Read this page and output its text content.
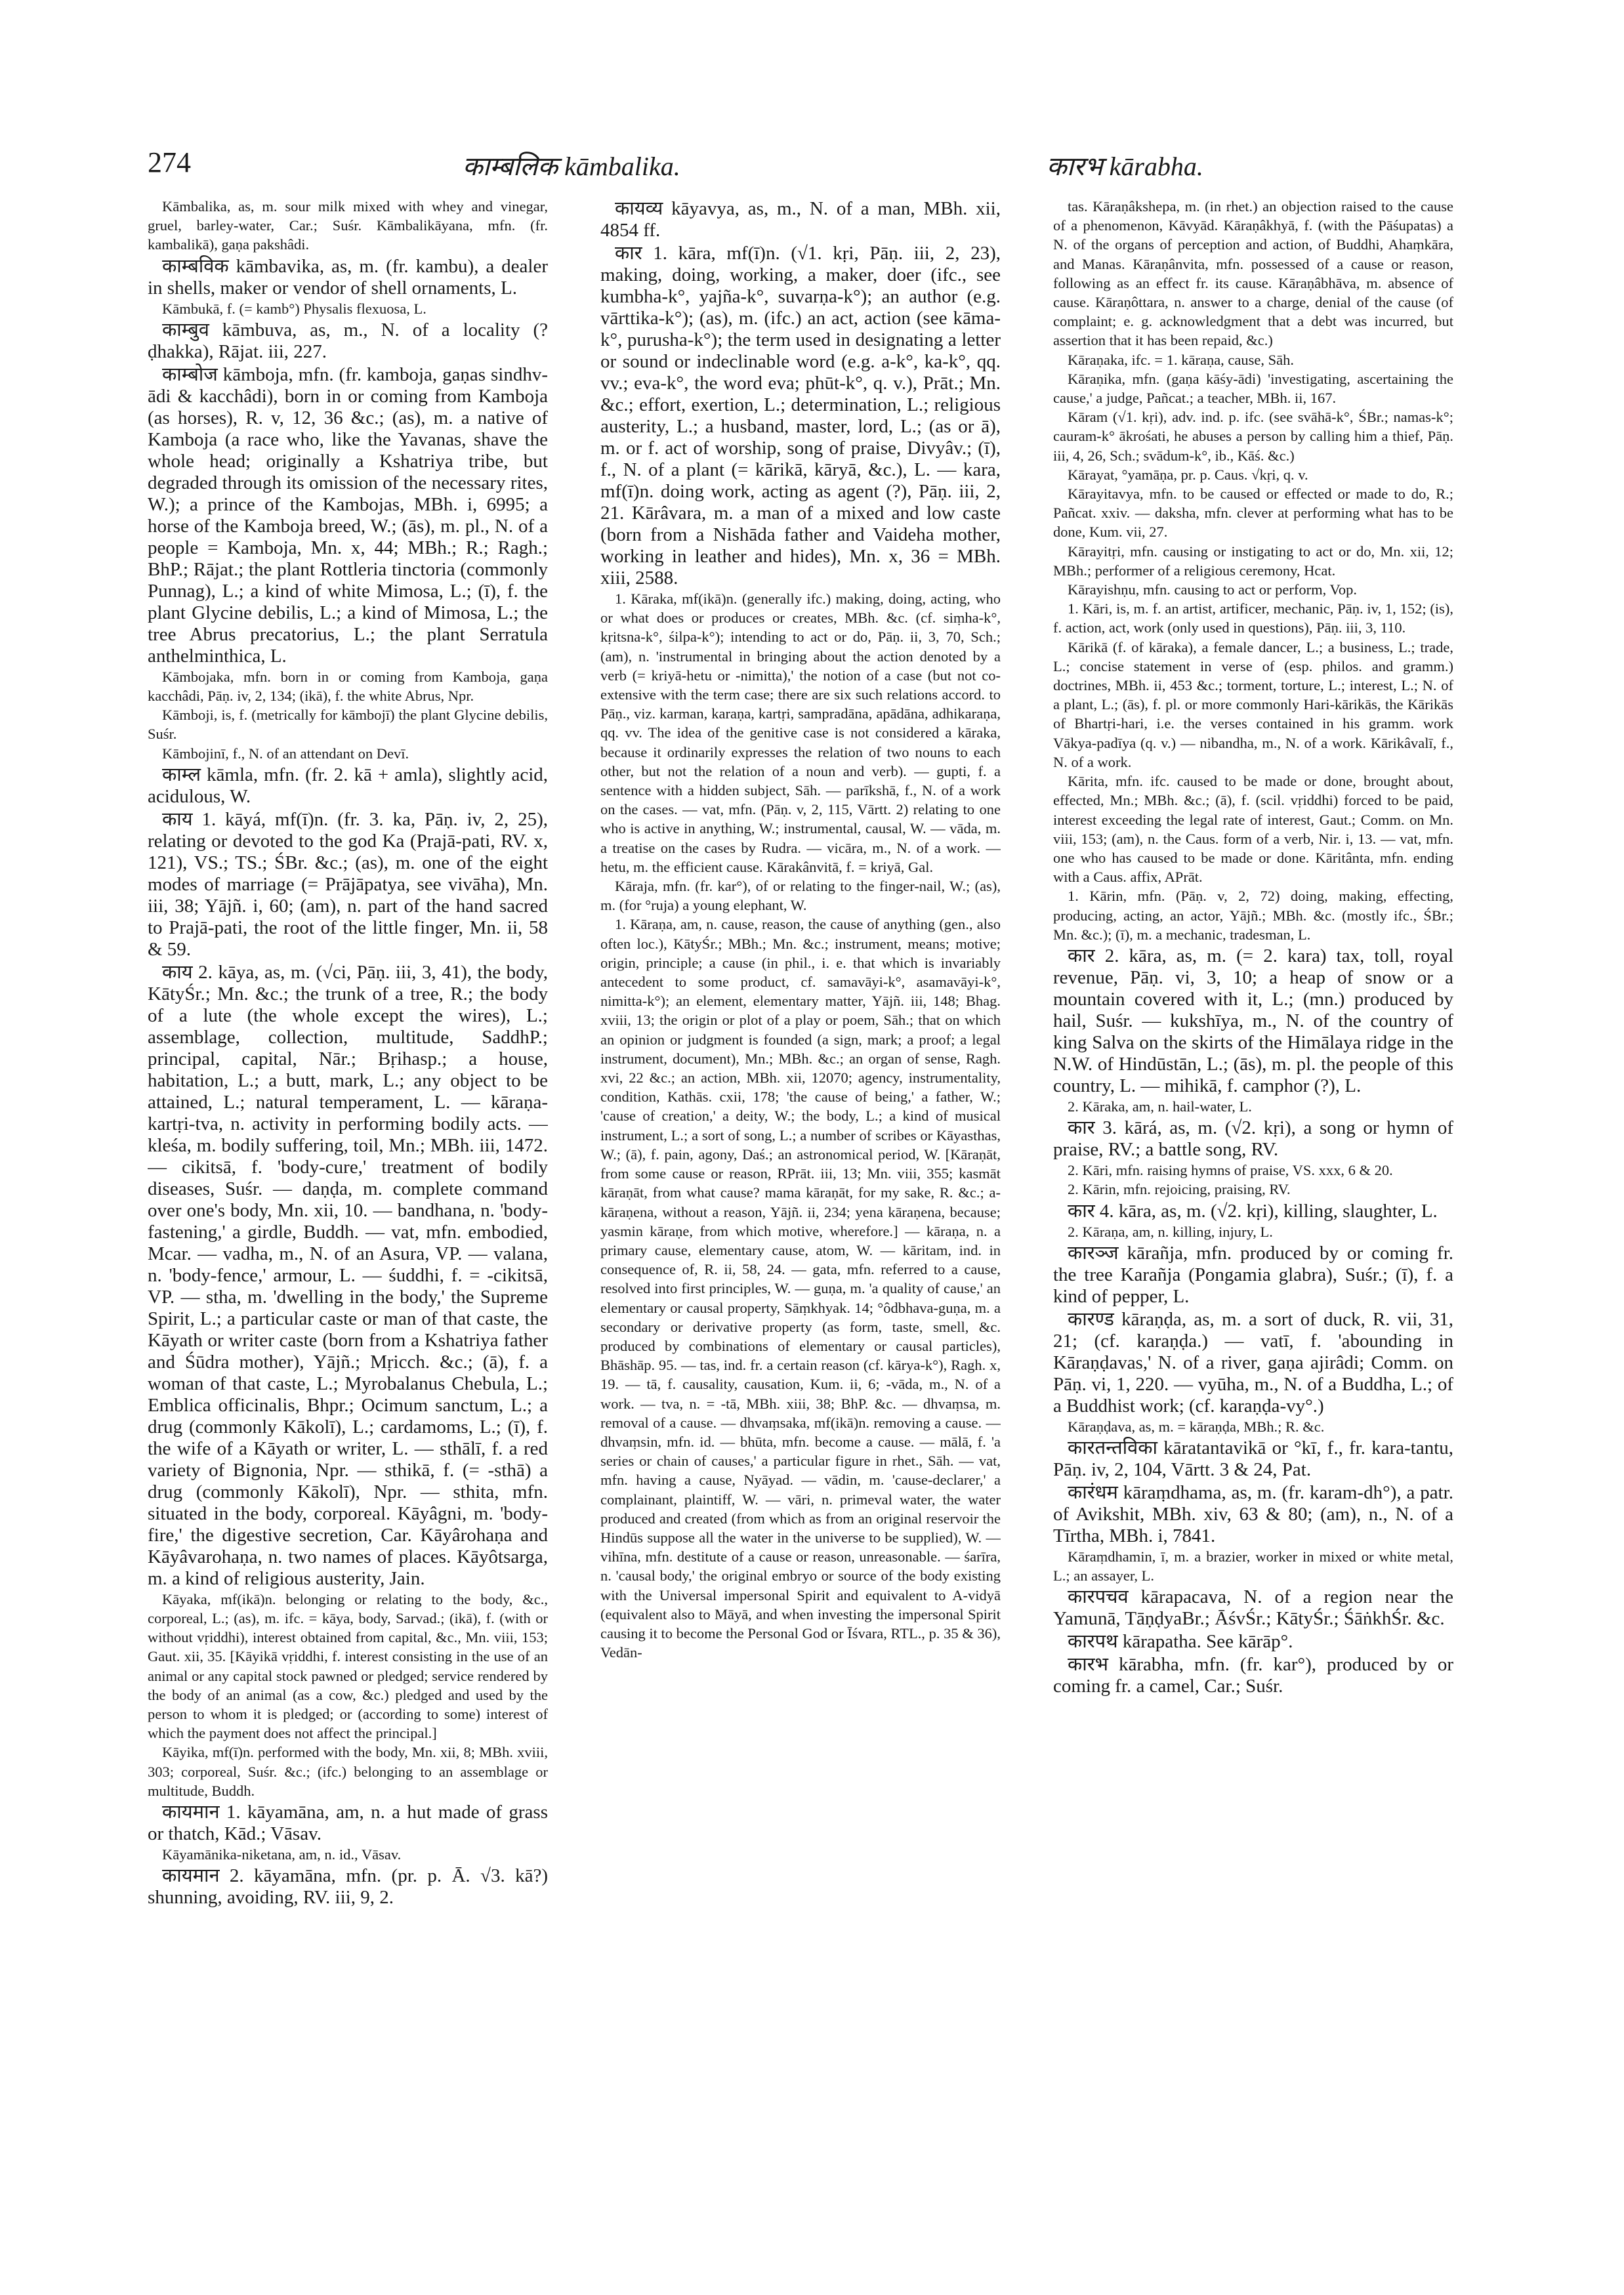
274	काम्बलिक kāmbalika.	कारभ kārabha.

Kāmbalika, as, m. sour milk mixed with whey and vinegar, gruel, barley-water, Car.; Suśr. Kāmbalikāyana, mfn. (fr. kambalikā), gaṇa pakshâdi.

काम्बविक kāmbavika, as, m. (fr. kambu), a dealer in shells, maker or vendor of shell ornaments, L.

Kāmbukā, f. (= kamb°) Physalis flexuosa, L.

काम्बुव kāmbuva, as, m., N. of a locality (? ḍhakka), Rājat. iii, 227.

काम्बोज kāmboja, mfn. (fr. kamboja, gaṇas sindhv-ādi & kacchâdi), born in or coming from Kamboja (as horses), R. v, 12, 36 &c.; (as), m. a native of Kamboja (a race who, like the Yavanas, shave the whole head; originally a Kshatriya tribe, but degraded through its omission of the necessary rites, W.); a prince of the Kambojas, MBh. i, 6995; a horse of the Kamboja breed, W.; (ās), m. pl., N. of a people = Kamboja, Mn. x, 44; MBh.; R.; Ragh.; BhP.; Rājat.; the plant Rottleria tinctoria (commonly Punnag), L.; a kind of white Mimosa, L.; (ī), f. the plant Glycine debilis, L.; a kind of Mimosa, L.; the tree Abrus precatorius, L.; the plant Serratula anthelminthica, L.

Kāmbojaka, mfn. born in or coming from Kamboja, gaṇa kacchâdi, Pāṇ. iv, 2, 134; (ikā), f. the white Abrus, Npr.

Kāmboji, is, f. (metrically for kāmbojī) the plant Glycine debilis, Suśr.

Kāmbojinī, f., N. of an attendant on Devī.

काम्ल kāmla, mfn. (fr. 2. kā + amla), slightly acid, acidulous, W.

काय 1. kāyá, mf(ī)n. (fr. 3. ka, Pāṇ. iv, 2, 25), relating or devoted to the god Ka (Prajā-pati, RV. x, 121), VS.; TS.; ŚBr. &c.; (as), m. one of the eight modes of marriage (= Prājāpatya, see vivāha), Mn. iii, 38; Yājñ. i, 60; (am), n. part of the hand sacred to Prajā-pati, the root of the little finger, Mn. ii, 58 & 59.

काय 2. kāya, as, m. (√ci, Pāṇ. iii, 3, 41), the body, KātyŚr.; Mn. &c.; the trunk of a tree, R.; the body of a lute (the whole except the wires), L.; assemblage, collection, multitude, SaddhP.; principal, capital, Nār.; Bṛihasp.; a house, habitation, L.; a butt, mark, L.; any object to be attained, L.; natural temperament, L. — kāraṇa-kartṛi-tva, n. activity in performing bodily acts. — kleśa, m. bodily suffering, toil, Mn.; MBh. iii, 1472. — cikitsā, f. 'body-cure,' treatment of bodily diseases, Suśr. — daṇḍa, m. complete command over one's body, Mn. xii, 10. — bandhana, n. 'body-fastening,' a girdle, Buddh. — vat, mfn. embodied, Mcar. — vadha, m., N. of an Asura, VP. — valana, n. 'body-fence,' armour, L. — śuddhi, f. = -cikitsā, VP. — stha, m. 'dwelling in the body,' the Supreme Spirit, L.; a particular caste or man of that caste, the Kāyath or writer caste (born from a Kshatriya father and Śūdra mother), Yājñ.; Mṛicch. &c.; (ā), f. a woman of that caste, L.; Myrobalanus Chebula, L.; Emblica officinalis, Bhpr.; Ocimum sanctum, L.; a drug (commonly Kākolī), L.; cardamoms, L.; (ī), f. the wife of a Kāyath or writer, L. — sthālī, f. a red variety of Bignonia, Npr. — sthikā, f. (= -sthā) a drug (commonly Kākolī), Npr. — sthita, mfn. situated in the body, corporeal. Kāyâgni, m. 'body-fire,' the digestive secretion, Car. Kāyârohaṇa and Kāyâvarohaṇa, n. two names of places. Kāyôtsarga, m. a kind of religious austerity, Jain.

Kāyaka, mf(ikā)n. belonging or relating to the body, &c., corporeal, L.; (as), m. ifc. = kāya, body, Sarvad.; (ikā), f. (with or without vṛiddhi), interest obtained from capital, &c., Mn. viii, 153; Gaut. xii, 35. [Kāyikā vṛiddhi, f. interest consisting in the use of an animal or any capital stock pawned or pledged; service rendered by the body of an animal (as a cow, &c.) pledged and used by the person to whom it is pledged; or (according to some) interest of which the payment does not affect the principal.]

Kāyika, mf(ī)n. performed with the body, Mn. xii, 8; MBh. xviii, 303; corporeal, Suśr. &c.; (ifc.) belonging to an assemblage or multitude, Buddh.

कायमान 1. kāyamāna, am, n. a hut made of grass or thatch, Kād.; Vāsav.

Kāyamānika-niketana, am, n. id., Vāsav.

कायमान 2. kāyamāna, mfn. (pr. p. Ā. √3. kā?) shunning, avoiding, RV. iii, 9, 2.

कायव्य kāyavya, as, m., N. of a man, MBh. xii, 4854 ff.

कार 1. kāra, mf(ī)n. (√1. kṛi, Pāṇ. iii, 2, 23), making, doing, working, a maker, doer (ifc., see kumbha-k°, yajña-k°, suvarṇa-k°); an author (e.g. vārttika-k°); (as), m. (ifc.) an act, action (see kāma-k°, purusha-k°); the term used in designating a letter or sound or indeclinable word (e.g. a-k°, ka-k°, qq. vv.; eva-k°, the word eva; phūt-k°, q. v.), Prāt.; Mn. &c.; effort, exertion, L.; determination, L.; religious austerity, L.; a husband, master, lord, L.; (as or ā), m. or f. act of worship, song of praise, Divyâv.; (ī), f., N. of a plant (= kārikā, kāryā, &c.), L. — kara, mf(ī)n. doing work, acting as agent (?), Pāṇ. iii, 2, 21. Kārâvara, m. a man of a mixed and low caste (born from a Nishāda father and Vaideha mother, working in leather and hides), Mn. x, 36 = MBh. xiii, 2588.

1. Kāraka, mf(ikā)n. (generally ifc.) making, doing, acting, who or what does or produces or creates, MBh. &c. (cf. siṃha-k°, kṛitsna-k°, śilpa-k°); intending to act or do, Pāṇ. ii, 3, 70, Sch.; (am), n. 'instrumental in bringing about the action denoted by a verb (= kriyā-hetu or -nimitta),' the notion of a case (but not co-extensive with the term case; there are six such relations accord. to Pāṇ., viz. karman, karaṇa, kartṛi, sampradāna, apādāna, adhikaraṇa, qq. vv. The idea of the genitive case is not considered a kāraka, because it ordinarily expresses the relation of two nouns to each other, but not the relation of a noun and verb). — gupti, f. a sentence with a hidden subject, Sāh. — parīkshā, f., N. of a work on the cases. — vat, mfn. (Pāṇ. v, 2, 115, Vārtt. 2) relating to one who is active in anything, W.; instrumental, causal, W. — vāda, m. a treatise on the cases by Rudra. — vicāra, m., N. of a work. — hetu, m. the efficient cause. Kārakânvitā, f. = kriyā, Gal.

Kāraja, mfn. (fr. kar°), of or relating to the finger-nail, W.; (as), m. (for °ruja) a young elephant, W.

1. Kāraṇa, am, n. cause, reason, the cause of anything (gen., also often loc.), KātyŚr.; MBh.; Mn. &c.; instrument, means; motive; origin, principle; a cause (in phil., i. e. that which is invariably antecedent to some product, cf. samavāyi-k°, asamavāyi-k°, nimitta-k°); an element, elementary matter, Yājñ. iii, 148; Bhag. xviii, 13; the origin or plot of a play or poem, Sāh.; that on which an opinion or judgment is founded (a sign, mark; a proof; a legal instrument, document), Mn.; MBh. &c.; an organ of sense, Ragh. xvi, 22 &c.; an action, MBh. xii, 12070; agency, instrumentality, condition, Kathās. cxii, 178; 'the cause of being,' a father, W.; 'cause of creation,' a deity, W.; the body, L.; a kind of musical instrument, L.; a sort of song, L.; a number of scribes or Kāyasthas, W.; (ā), f. pain, agony, Daś.; an astronomical period, W. [Kāraṇāt, from some cause or reason, RPrāt. iii, 13; Mn. viii, 355; kasmāt kāraṇāt, from what cause? mama kāraṇāt, for my sake, R. &c.; a-kāraṇena, without a reason, Yājñ. ii, 234; yena kāraṇena, because; yasmin kāraṇe, from which motive, wherefore.] — kāraṇa, n. a primary cause, elementary cause, atom, W. — kāritam, ind. in consequence of, R. ii, 58, 24. — gata, mfn. referred to a cause, resolved into first principles, W. — guṇa, m. 'a quality of cause,' an elementary or causal property, Sāṃkhyak. 14; °ôdbhava-guṇa, m. a secondary or derivative property (as form, taste, smell, &c. produced by combinations of elementary or causal particles), Bhāshāp. 95. — tas, ind. fr. a certain reason (cf. kārya-k°), Ragh. x, 19. — tā, f. causality, causation, Kum. ii, 6; -vāda, m., N. of a work. — tva, n. = -tā, MBh. xiii, 38; BhP. &c. — dhvaṃsa, m. removal of a cause. — dhvaṃsaka, mf(ikā)n. removing a cause. — dhvaṃsin, mfn. id. — bhūta, mfn. become a cause. — mālā, f. 'a series or chain of causes,' a particular figure in rhet., Sāh. — vat, mfn. having a cause, Nyāyad. — vādin, m. 'cause-declarer,' a complainant, plaintiff, W. — vāri, n. primeval water, the water produced and created (from which as from an original reservoir the Hindūs suppose all the water in the universe to be supplied), W. — vihīna, mfn. destitute of a cause or reason, unreasonable. — śarīra, n. 'causal body,' the original embryo or source of the body existing with the Universal impersonal Spirit and equivalent to A-vidyā (equivalent also to Māyā, and when investing the impersonal Spirit causing it to become the Personal God or Īśvara, RTL., p. 35 & 36), Vedān-

tas. Kāraṇâkshepa, m. (in rhet.) an objection raised to the cause of a phenomenon, Kāvyād. Kāraṇâkhyā, f. (with the Pāśupatas) a N. of the organs of perception and action, of Buddhi, Ahaṃkāra, and Manas. Kāraṇânvita, mfn. possessed of a cause or reason, following as an effect fr. its cause. Kāraṇâbhāva, m. absence of cause. Kāraṇôttara, n. answer to a charge, denial of the cause (of complaint; e. g. acknowledgment that a debt was incurred, but assertion that it has been repaid, &c.)

Kāraṇaka, ifc. = 1. kāraṇa, cause, Sāh.

Kāraṇika, mfn. (gaṇa kāśy-ādi) 'investigating, ascertaining the cause,' a judge, Pañcat.; a teacher, MBh. ii, 167.

Kāram (√1. kṛi), adv. ind. p. ifc. (see svāhā-k°, ŚBr.; namas-k°; cauram-k° ākrośati, he abuses a person by calling him a thief, Pāṇ. iii, 4, 26, Sch.; svādum-k°, ib., Kāś. &c.)

Kārayat, °yamāṇa, pr. p. Caus. √kṛi, q. v.

Kārayitavya, mfn. to be caused or effected or made to do, R.; Pañcat. xxiv. — daksha, mfn. clever at performing what has to be done, Kum. vii, 27.

Kārayitṛi, mfn. causing or instigating to act or do, Mn. xii, 12; MBh.; performer of a religious ceremony, Hcat.

Kārayishṇu, mfn. causing to act or perform, Vop.

1. Kāri, is, m. f. an artist, artificer, mechanic, Pāṇ. iv, 1, 152; (is), f. action, act, work (only used in questions), Pāṇ. iii, 3, 110.

Kārikā (f. of kāraka), a female dancer, L.; a business, L.; trade, L.; concise statement in verse of (esp. philos. and gramm.) doctrines, MBh. ii, 453 &c.; torment, torture, L.; interest, L.; N. of a plant, L.; (ās), f. pl. or more commonly Hari-kārikās, the Kārikās of Bhartṛi-hari, i.e. the verses contained in his gramm. work Vākya-padīya (q. v.) — nibandha, m., N. of a work. Kārikâvalī, f., N. of a work.

Kārita, mfn. ifc. caused to be made or done, brought about, effected, Mn.; MBh. &c.; (ā), f. (scil. vṛiddhi) forced to be paid, interest exceeding the legal rate of interest, Gaut.; Comm. on Mn. viii, 153; (am), n. the Caus. form of a verb, Nir. i, 13. — vat, mfn. one who has caused to be made or done. Kāritânta, mfn. ending with a Caus. affix, APrāt.

1. Kārin, mfn. (Pāṇ. v, 2, 72) doing, making, effecting, producing, acting, an actor, Yājñ.; MBh. &c. (mostly ifc., ŚBr.; Mn. &c.); (ī), m. a mechanic, tradesman, L.

कार 2. kāra, as, m. (= 2. kara) tax, toll, royal revenue, Pāṇ. vi, 3, 10; a heap of snow or a mountain covered with it, L.; (mn.) produced by hail, Suśr. — kukshīya, m., N. of the country of king Salva on the skirts of the Himālaya ridge in the N.W. of Hindūstān, L.; (ās), m. pl. the people of this country, L. — mihikā, f. camphor (?), L.

2. Kāraka, am, n. hail-water, L.

कार 3. kārá, as, m. (√2. kṛi), a song or hymn of praise, RV.; a battle song, RV.

2. Kāri, mfn. raising hymns of praise, VS. xxx, 6 & 20.

2. Kārin, mfn. rejoicing, praising, RV.

कार 4. kāra, as, m. (√2. kṛi), killing, slaughter, L.

2. Kāraṇa, am, n. killing, injury, L.

कारञ्ज kārañja, mfn. produced by or coming fr. the tree Karañja (Pongamia glabra), Suśr.; (ī), f. a kind of pepper, L.

कारण्ड kāraṇḍa, as, m. a sort of duck, R. vii, 31, 21; (cf. karaṇḍa.) — vatī, f. 'abounding in Kāraṇḍavas,' N. of a river, gaṇa ajirâdi; Comm. on Pāṇ. vi, 1, 220. — vyūha, m., N. of a Buddha, L.; of a Buddhist work; (cf. karaṇḍa-vy°.)

Kāraṇḍava, as, m. = kāraṇḍa, MBh.; R. &c.

कारतन्तविका kāratantavikā or °kī, f., fr. kara-tantu, Pāṇ. iv, 2, 104, Vārtt. 3 & 24, Pat.

कारंधम kāraṃdhama, as, m. (fr. karam-dh°), a patr. of Avikshit, MBh. xiv, 63 & 80; (am), n., N. of a Tīrtha, MBh. i, 7841.

Kāraṃdhamin, ī, m. a brazier, worker in mixed or white metal, L.; an assayer, L.

कारपचव kārapacava, N. of a region near the Yamunā, TāṇḍyaBr.; ĀśvŚr.; KātyŚr.; ŚāṅkhŚr. &c.

कारपथ kārapatha. See kārāp°.

कारभ kārabha, mfn. (fr. kar°), produced by or coming fr. a camel, Car.; Suśr.
